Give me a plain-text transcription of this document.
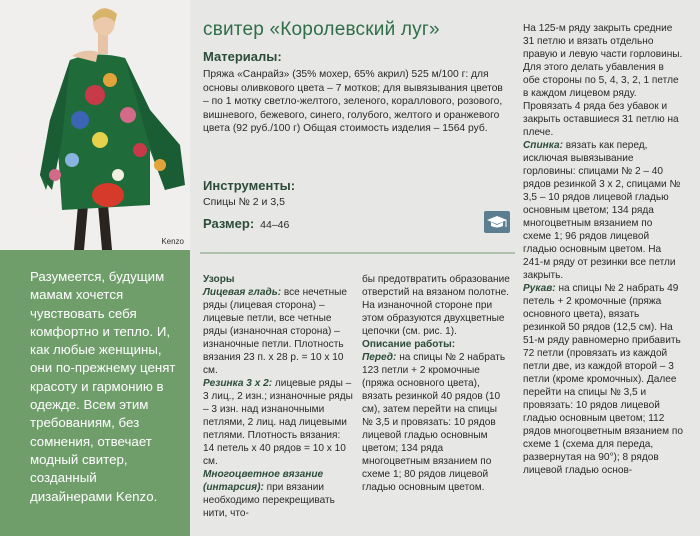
Kenzo
Разумеется, будущим мамам хочется чувствовать себя комфортно и тепло. И, как любые женщины, они по-прежнему ценят красоту и гармонию в одежде. Всем этим требованиям, без сомнения, отвечает модный свитер, созданный дизайнерами Kenzo.
свитер «Королевский луг»
Материалы:
Пряжа «Санрайз» (35% мохер, 65% акрил) 525 м/100 г: для основы оливкового цвета – 7 мотков; для вывязывания цветов – по 1 мотку светло-желтого, зеленого, кораллового, розового, вишневого, бежевого, синего, голубого, желтого и оранжевого цвета (92 руб./100 г) Общая стоимость изделия – 1564 руб.
Инструменты:
Спицы № 2 и 3,5
Размер: 44–46

Узоры

Лицевая гладь: все нечетные ряды (лицевая сторона) – лицевые петли, все четные ряды (изнаночная сторона) – изнаночные петли. Плотность вязания 23 п. х 28 р. = 10 х 10 см.

Резинка 3 х 2: лицевые ряды – 3 лиц., 2 изн.; изнаночные ряды – 3 изн. над изнаночными петлями, 2 лиц. над лицевыми петлями. Плотность вязания: 14 петель х 40 рядов = 10 х 10 см.

Многоцветное вязание (интарсия): при вязании необходимо перекрещивать нити, что-

бы предотвратить образование отверстий на вязаном полотне. На изнаночной стороне при этом образуются двухцветные цепочки (см. рис. 1).

Описание работы:

Перед: на спицы № 2 набрать 123 петли + 2 кромочные (пряжа основного цвета), вязать резинкой 40 рядов (10 см), затем перейти на спицы № 3,5 и провязать: 10 рядов лицевой гладью основным цветом; 134 ряда многоцветным вязанием по схеме 1; 80 рядов лицевой гладью основным цветом.

На 125-м ряду закрыть средние 31 петлю и вязать отдельно правую и левую части горловины. Для этого делать убавления в обе стороны по 5, 4, 3, 2, 1 петле в каждом лицевом ряду. Провязать 4 ряда без убавок и закрыть оставшиеся 31 петлю на плече.

Спинка: вязать как перед, исключая вывязывание горловины: спицами № 2 – 40 рядов резинкой 3 х 2, спицами № 3,5 – 10 рядов лицевой гладью основным цветом; 134 ряда многоцветным вязанием по схеме 1; 96 рядов лицевой гладью основным цветом. На 241-м ряду от резинки все петли закрыть.

Рукав: на спицы № 2 набрать 49 петель + 2 кромочные (пряжа основного цвета), вязать резинкой 50 рядов (12,5 см). На 51-м ряду равномерно прибавить 72 петли (провязать из каждой петли две, из каждой второй – 3 петли (кроме кромочных). Далее перейти на спицы № 3,5 и провязать: 10 рядов лицевой гладью основным цветом; 112 рядов многоцветным вязанием по схеме 1 (схема для переда, развернутая на 90°); 8 рядов лицевой гладью основ-
